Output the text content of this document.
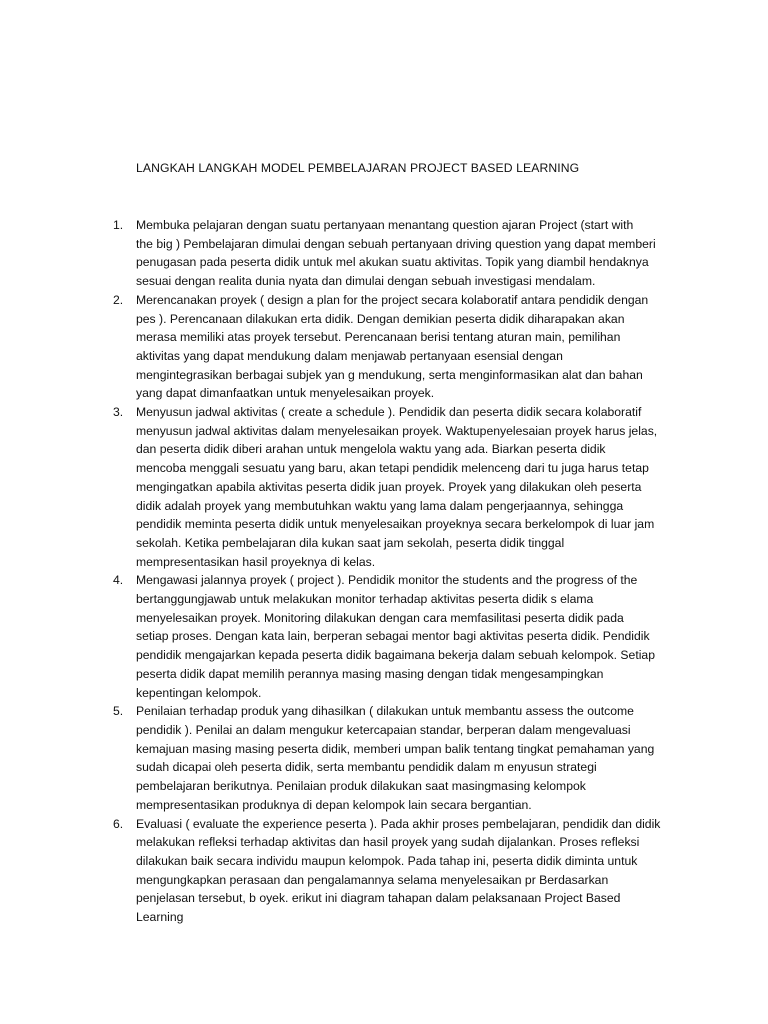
LANGKAH LANGKAH MODEL PEMBELAJARAN PROJECT BASED LEARNING
1. Membuka pelajaran dengan suatu pertanyaan menantang question ajaran Project (start with
the big ) Pembelajaran dimulai dengan sebuah pertanyaan driving question yang dapat memberi
penugasan pada peserta didik untuk mel akukan suatu aktivitas. Topik yang diambil hendaknya
sesuai dengan realita dunia nyata dan dimulai dengan sebuah investigasi mendalam.
2. Merencanakan proyek ( design a plan for the project secara kolaboratif antara pendidik dengan
pes ). Perencanaan dilakukan erta didik. Dengan demikian peserta didik diharapakan akan
merasa memiliki atas proyek tersebut. Perencanaan berisi tentang aturan main, pemilihan
aktivitas yang dapat mendukung dalam menjawab pertanyaan esensial dengan
mengintegrasikan berbagai subjek yan g mendukung, serta menginformasikan alat dan bahan
yang dapat dimanfaatkan untuk menyelesaikan proyek.
3. Menyusun jadwal aktivitas ( create a schedule ). Pendidik dan peserta didik secara kolaboratif
menyusun jadwal aktivitas dalam menyelesaikan proyek. Waktupenyelesaian proyek harus jelas,
dan peserta didik diberi arahan untuk mengelola waktu yang ada. Biarkan peserta didik
mencoba menggali sesuatu yang baru, akan tetapi pendidik melenceng dari tu juga harus tetap
mengingatkan apabila aktivitas peserta didik juan proyek. Proyek yang dilakukan oleh peserta
didik adalah proyek yang membutuhkan waktu yang lama dalam pengerjaannya, sehingga
pendidik meminta peserta didik untuk menyelesaikan proyeknya secara berkelompok di luar jam
sekolah. Ketika pembelajaran dila kukan saat jam sekolah, peserta didik tinggal
mempresentasikan hasil proyeknya di kelas.
4. Mengawasi jalannya proyek ( project ). Pendidik monitor the students and the progress of the
bertanggungjawab untuk melakukan monitor terhadap aktivitas peserta didik s elama
menyelesaikan proyek. Monitoring dilakukan dengan cara memfasilitasi peserta didik pada
setiap proses. Dengan kata lain, berperan sebagai mentor bagi aktivitas peserta didik. Pendidik
pendidik mengajarkan kepada peserta didik bagaimana bekerja dalam sebuah kelompok. Setiap
peserta didik dapat memilih perannya masing masing dengan tidak mengesampingkan
kepentingan kelompok.
5. Penilaian terhadap produk yang dihasilkan ( dilakukan untuk membantu assess the outcome
pendidik ). Penilai an dalam mengukur ketercapaian standar, berperan dalam mengevaluasi
kemajuan masing masing peserta didik, memberi umpan balik tentang tingkat pemahaman yang
sudah dicapai oleh peserta didik, serta membantu pendidik dalam m enyusun strategi
pembelajaran berikutnya. Penilaian produk dilakukan saat masingmasing kelompok
mempresentasikan produknya di depan kelompok lain secara bergantian.
6. Evaluasi ( evaluate the experience peserta ). Pada akhir proses pembelajaran, pendidik dan didik
melakukan refleksi terhadap aktivitas dan hasil proyek yang sudah dijalankan. Proses refleksi
dilakukan baik secara individu maupun kelompok. Pada tahap ini, peserta didik diminta untuk
mengungkapkan perasaan dan pengalamannya selama menyelesaikan pr Berdasarkan
penjelasan tersebut, b oyek. erikut ini diagram tahapan dalam pelaksanaan Project Based
Learning
